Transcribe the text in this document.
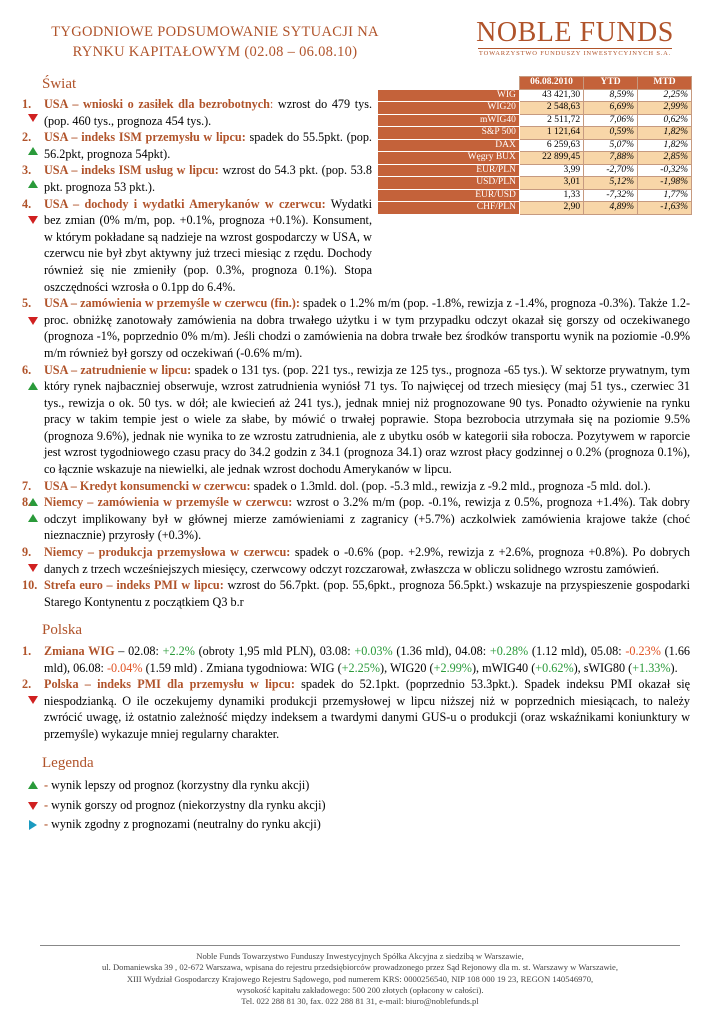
TYGODNIOWE PODSUMOWANIE SYTUACJI NA
RYNKU KAPITAŁOWYM (02.08 – 06.08.10)
NOBLE FUNDS
TOWARZYSTWO FUNDUSZY INWESTYCYJNYCH S.A.
	06.08.2010	YTD	MTD
WIG	43 421,30	8,59%	2,25%
WIG20	2 548,63	6,69%	2,99%
mWIG40	2 511,72	7,06%	0,62%
S&P 500	1 121,64	0,59%	1,82%
DAX	6 259,63	5,07%	1,82%
Węgry BUX	22 899,45	7,88%	2,85%
EUR/PLN	3,99	-2,70%	-0,32%
USD/PLN	3,01	5,12%	-1,98%
EUR/USD	1,33	-7,32%	1,77%
CHF/PLN	2,90	4,89%	-1,63%
Świat
1. USA – wnioski o zasiłek dla bezrobotnych: wzrost do 479 tys. (pop. 460 tys., prognoza 454 tys.).
2. USA – indeks ISM przemysłu w lipcu: spadek do 55.5pkt. (pop. 56.2pkt, prognoza 54pkt).
3. USA – indeks ISM usług w lipcu: wzrost do 54.3 pkt. (pop. 53.8 pkt. prognoza 53 pkt.).
4. USA – dochody i wydatki Amerykanów w czerwcu: Wydatki bez zmian (0% m/m, pop. +0.1%, prognoza +0.1%). Konsument, w którym pokładane są nadzieje na wzrost gospodarczy w USA, w czerwcu nie był zbyt aktywny już trzeci miesiąc z rzędu. Dochody również się nie zmieniły (pop. 0.3%, prognoza 0.1%). Stopa oszczędności wzrosła o 0.1pp do 6.4%.
5. USA – zamówienia w przemyśle w czerwcu (fin.): spadek o 1.2% m/m (pop. -1.8%, rewizja z -1.4%, prognoza -0.3%). Także 1.2-proc. obniżkę zanotowały zamówienia na dobra trwałego użytku i w tym przypadku odczyt okazał się gorszy od oczekiwanego (prognoza -1%, poprzednio 0% m/m). Jeśli chodzi o zamówienia na dobra trwałe bez środków transportu wynik na poziomie -0.9% m/m również był gorszy od oczekiwań (-0.6% m/m).
6. USA – zatrudnienie w lipcu: spadek o 131 tys. (pop. 221 tys., rewizja ze 125 tys., prognoza -65 tys.). W sektorze prywatnym, tym który rynek najbaczniej obserwuje, wzrost zatrudnienia wyniósł 71 tys. To najwięcej od trzech miesięcy (maj 51 tys., czerwiec 31 tys., rewizja o ok. 50 tys. w dół; ale kwiecień aż 241 tys.), jednak mniej niż prognozowane 90 tys. Ponadto ożywienie na rynku pracy w takim tempie jest o wiele za słabe, by mówić o trwałej poprawie. Stopa bezrobocia utrzymała się na poziomie 9.5% (prognoza 9.6%), jednak nie wynika to ze wzrostu zatrudnienia, ale z ubytku osób w kategorii siła robocza. Pozytywem w raporcie jest wzrost tygodniowego czasu pracy do 34.2 godzin z 34.1 (prognoza 34.1) oraz wzrost płacy godzinnej o 0.2% (prognoza 0.1%), co łącznie wskazuje na niewielki, ale jednak wzrost dochodu Amerykanów w lipcu.
7. USA – Kredyt konsumencki w czerwcu: spadek o 1.3mld. dol. (pop. -5.3 mld., rewizja z -9.2 mld., prognoza -5 mld. dol.).
8. Niemcy – zamówienia w przemyśle w czerwcu: wzrost o 3.2% m/m (pop. -0.1%, rewizja z 0.5%, prognoza +1.4%). Tak dobry odczyt implikowany był w głównej mierze zamówieniami z zagranicy (+5.7%) aczkolwiek zamówienia krajowe także (choć nieznacznie) przyrosły (+0.3%).
9. Niemcy – produkcja przemysłowa w czerwcu: spadek o -0.6% (pop. +2.9%, rewizja z +2.6%, prognoza +0.8%). Po dobrych danych z trzech wcześniejszych miesięcy, czerwcowy odczyt rozczarował, zwłaszcza w obliczu solidnego wzrostu zamówień.
10. Strefa euro – indeks PMI w lipcu: wzrost do 56.7pkt. (pop. 55,6pkt., prognoza 56.5pkt.) wskazuje na przyspieszenie gospodarki Starego Kontynentu z początkiem Q3 b.r
Polska
1. Zmiana WIG – 02.08: +2.2% (obroty 1,95 mld PLN), 03.08: +0.03% (1.36 mld), 04.08: +0.28% (1.12 mld), 05.08: -0.23% (1.66 mld), 06.08: -0.04% (1.59 mld) . Zmiana tygodniowa: WIG (+2.25%), WIG20 (+2.99%), mWIG40 (+0.62%), sWIG80 (+1.33%).
2. Polska – indeks PMI dla przemysłu w lipcu: spadek do 52.1pkt. (poprzednio 53.3pkt.). Spadek indeksu PMI okazał się niespodzianką. O ile oczekujemy dynamiki produkcji przemysłowej w lipcu niższej niż w poprzednich miesiącach, to należy zwrócić uwagę, iż ostatnio zależność między indeksem a twardymi danymi GUS-u o produkcji (oraz wskaźnikami koniunktury w przemyśle) wykazuje mniej regularny charakter.
Legenda
- wynik lepszy od prognoz (korzystny dla rynku akcji)
- wynik gorszy od prognoz (niekorzystny dla rynku akcji)
- wynik zgodny z prognozami (neutralny do rynku akcji)
Noble Funds Towarzystwo Funduszy Inwestycyjnych Spółka Akcyjna z siedzibą w Warszawie,
ul. Domaniewska 39 , 02-672 Warszawa, wpisana do rejestru przedsiębiorców prowadzonego przez Sąd Rejonowy dla m. st. Warszawy w Warszawie,
XIII Wydział Gospodarczy Krajowego Rejestru Sądowego, pod numerem KRS: 0000256540, NIP 108 000 19 23, REGON 140546970,
wysokość kapitału zakładowego: 500 200 złotych (opłacony w całości).
Tel. 022 288 81 30, fax. 022 288 81 31, e-mail: biuro@noblefunds.pl
